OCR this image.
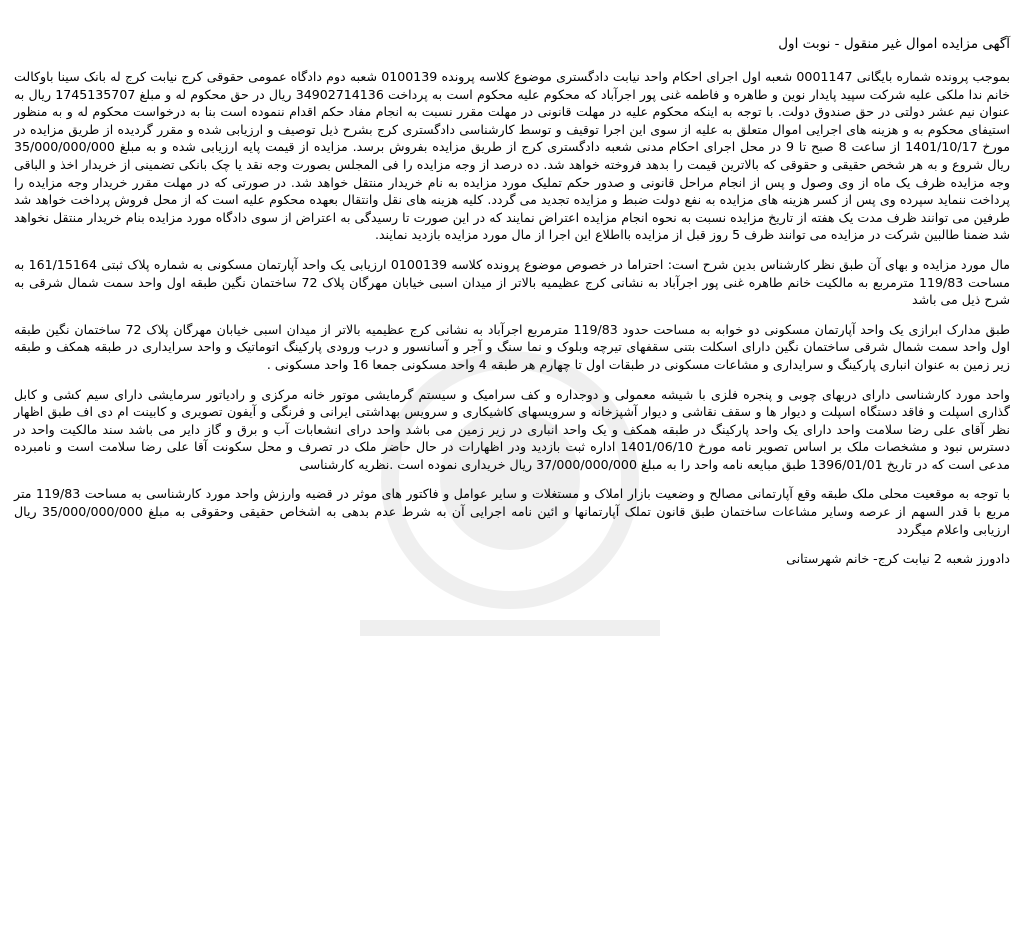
آگهی مزایده اموال غیر منقول - نوبت اول

بموجب پرونده شماره بایگانی 0001147 شعبه اول اجرای احکام واحد نیابت دادگستری موضوع کلاسه پرونده 0100139 شعبه دوم دادگاه عمومی حقوقی کرج نیابت کرج له بانک سینا باوکالت خانم ندا ملکی علیه شرکت سپید پایدار نوین و طاهره و فاطمه غنی پور اجرآباد که محکوم علیه محکوم است به پرداخت 34902714136 ریال در حق محکوم له و مبلغ 1745135707 ریال به عنوان نیم عشر دولتی در حق صندوق دولت. با توجه به اینکه محکوم علیه در مهلت قانونی در مهلت مقرر نسبت به انجام مفاد حکم اقدام ننموده است بنا به درخواست محکوم له و به منظور استیفای محکوم به و هزینه های اجرایی اموال متعلق به علیه از سوی این اجرا توقیف و توسط کارشناسی دادگستری کرج بشرح ذیل توصیف و ارزیابی شده و مقرر گردیده از طریق مزایده در مورخ 1401/10/17 از ساعت 8 صبح تا 9 در محل اجرای احکام مدنی شعبه دادگستری کرج از طریق مزایده بفروش برسد. مزایده از قیمت پایه ارزیابی شده و به مبلغ 35/000/000/000 ریال شروع و به هر شخص حقیقی و حقوقی که بالاترین قیمت را بدهد فروخته خواهد شد. ده درصد از وجه مزایده را فی المجلس بصورت وجه نقد یا چک بانکی تضمینی از خریدار اخذ و الباقی وجه مزایده ظرف یک ماه از وی وصول و پس از انجام مراحل قانونی و صدور حکم تملیک مورد مزایده به نام خریدار منتقل خواهد شد. در صورتی که در مهلت مقرر خریدار وجه مزایده را پرداخت ننماید سپرده وی پس از کسر هزینه های مزایده به نفع دولت ضبط و مزایده تجدید می گردد. کلیه هزینه های نقل وانتقال بعهده محکوم علیه است که از محل فروش پرداخت خواهد شد طرفین می توانند ظرف مدت یک هفته از تاریخ مزایده نسبت به نحوه انجام مزایده اعتراض نمایند که در این صورت تا رسیدگی به اعتراض از سوی دادگاه مورد مزایده بنام خریدار منتقل نخواهد شد ضمنا طالبین شرکت در مزایده می توانند ظرف 5 روز قبل از مزایده بااطلاع این اجرا از مال مورد مزایده بازدید نمایند.

مال مورد مزایده و بهای آن طبق نظر کارشناس بدین شرح است: احتراما در خصوص موضوع پرونده کلاسه 0100139 ارزیابی یک واحد آپارتمان مسکونی به شماره پلاک ثبتی 161/15164 به مساحت 119/83 مترمربع به مالکیت خانم طاهره غنی پور اجرآباد به نشانی کرج عظیمیه بالاتر از میدان اسبی خیابان مهرگان پلاک 72 ساختمان نگین طبقه اول واحد سمت شمال شرقی به شرح ذیل می باشد

طبق مدارک ابرازی یک واحد آپارتمان مسکونی دو خوابه به مساحت حدود 119/83 مترمربع اجرآباد به نشانی کرج عظیمیه بالاتر از میدان اسبی خیابان مهرگان پلاک 72 ساختمان نگین طبقه اول واحد سمت شمال شرقی ساختمان نگین دارای اسکلت بتنی سقفهای تیرچه وبلوک و نما سنگ و آجر و آسانسور و درب ورودی پارکینگ اتوماتیک و واحد سرایداری در طبقه همکف و طبقه زیر زمین به عنوان انباری پارکینگ و سرایداری و مشاعات مسکونی در طبقات اول تا چهارم هر طبقه 4 واحد مسکونی جمعا 16 واحد مسکونی .

واحد مورد کارشناسی دارای دربهای چوبی و پنجره فلزی با شیشه معمولی و دوجداره و کف سرامیک و سیستم گرمایشی موتور خانه مرکزی و رادیاتور سرمایشی دارای سیم کشی و کابل گذاری اسپلت و فاقد دستگاه اسپلت و دیوار ها و سقف نقاشی و دیوار آشپزخانه و سرویسهای کاشیکاری و سرویس بهداشتی ایرانی و فرنگی و آیفون تصویری و کابینت ام دی اف طبق اظهار نظر آقای علی رضا سلامت واحد دارای یک واحد پارکینگ در طبقه همکف و یک واحد انباری در زیر زمین می باشد واحد درای انشعابات آب و برق و گاز دایر می باشد سند مالکیت واحد در دسترس نبود و مشخصات ملک بر اساس تصویر نامه مورخ 1401/06/10 اداره ثبت بازدید ودر اظهارات در حال حاضر ملک در تصرف و محل سکونت آقا علی رضا سلامت است و نامبرده مدعی است که در تاریخ 1396/01/01 طبق مبایعه نامه واحد را به مبلغ 37/000/000/000 ریال خریداری نموده است .نظریه کارشناسی

با توجه به موقعیت محلی ملک طبقه وقع آپارتمانی مصالح و وضعیت بازار املاک و مستغلات و سایر عوامل و فاکتور های موثر در قضیه وارزش واحد مورد کارشناسی به مساحت 119/83 متر مربع با قدر السهم از عرصه وسایر مشاعات ساختمان طبق قانون تملک آپارتمانها و ائین نامه اجرایی آن به شرط عدم بدهی به اشخاص حقیقی وحقوقی به مبلغ 35/000/000/000 ریال ارزیابی واعلام میگردد

دادورز شعبه 2 نیابت کرج- خانم شهرستانی
